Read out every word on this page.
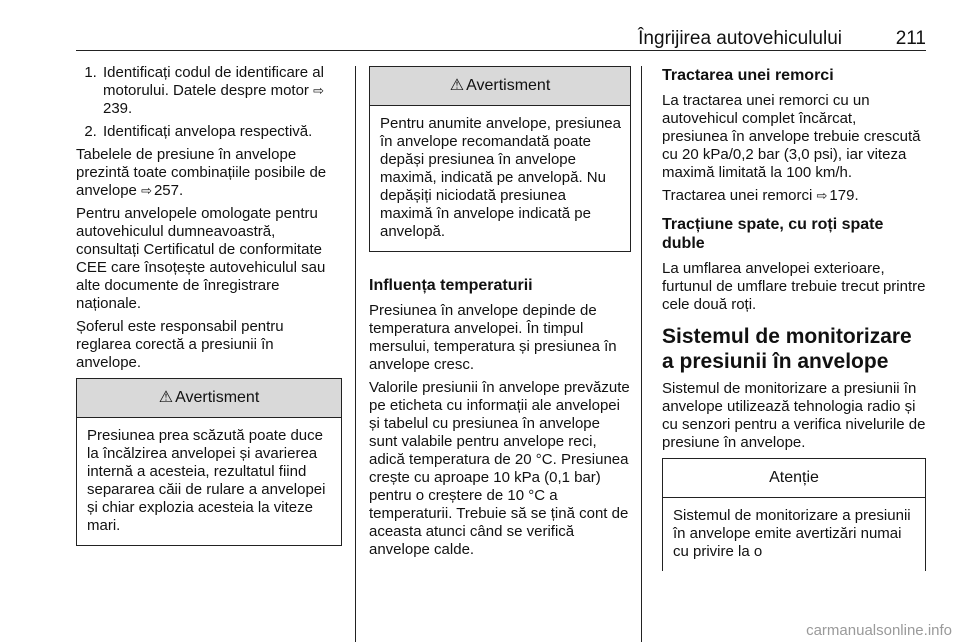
Îngrijirea autovehiculului	211
1. Identificați codul de identificare al motorului. Datele despre motor ⇨239.
2. Identificați anvelopa respectivă.

Tabelele de presiune în anvelope prezintă toate combinațiile posibile de anvelope ⇨ 257.

Pentru anvelopele omologate pentru autovehiculul dumneavoastră, consultați Certificatul de conformitate CEE care însoțește autovehiculul sau alte documente de înregistrare naționale.

Șoferul este responsabil pentru reglarea corectă a presiunii în anvelope.

⚠ Avertisment
Presiunea prea scăzută poate duce la încălzirea anvelopei și avarierea internă a acesteia, rezultatul fiind separarea căii de rulare a anvelopei și chiar explozia acesteia la viteze mari.
⚠ Avertisment
Pentru anumite anvelope, presiunea în anvelope recomandată poate depăși presiunea în anvelope maximă, indicată pe anvelopă. Nu depășiți niciodată presiunea maximă în anvelope indicată pe anvelopă.
Influența temperaturii

Presiunea în anvelope depinde de temperatura anvelopei. În timpul mersului, temperatura și presiunea în anvelope cresc.

Valorile presiunii în anvelope prevăzute pe eticheta cu informații ale anvelopei și tabelul cu presiunea în anvelope sunt valabile pentru anvelope reci, adică temperatura de 20 °C. Presiunea crește cu aproape 10 kPa (0,1 bar) pentru o creștere de 10 °C a temperaturii. Trebuie să se țină cont de aceasta atunci când se verifică anvelope calde.

Tractarea unei remorci

La tractarea unei remorci cu un autovehicul complet încărcat, presiunea în anvelope trebuie crescută cu 20 kPa/0,2 bar (3,0 psi), iar viteza maximă limitată la 100 km/h.

Tractarea unei remorci ⇨ 179.

Tracțiune spate, cu roți spate duble

La umflarea anvelopei exterioare, furtunul de umflare trebuie trecut printre cele două roți.

Sistemul de monitorizare a presiunii în anvelope

Sistemul de monitorizare a presiunii în anvelope utilizează tehnologia radio și cu senzori pentru a verifica nivelurile de presiune în anvelope.

Atenție
Sistemul de monitorizare a presiunii în anvelope emite avertizări numai cu privire la o
carmanualsonline.info
